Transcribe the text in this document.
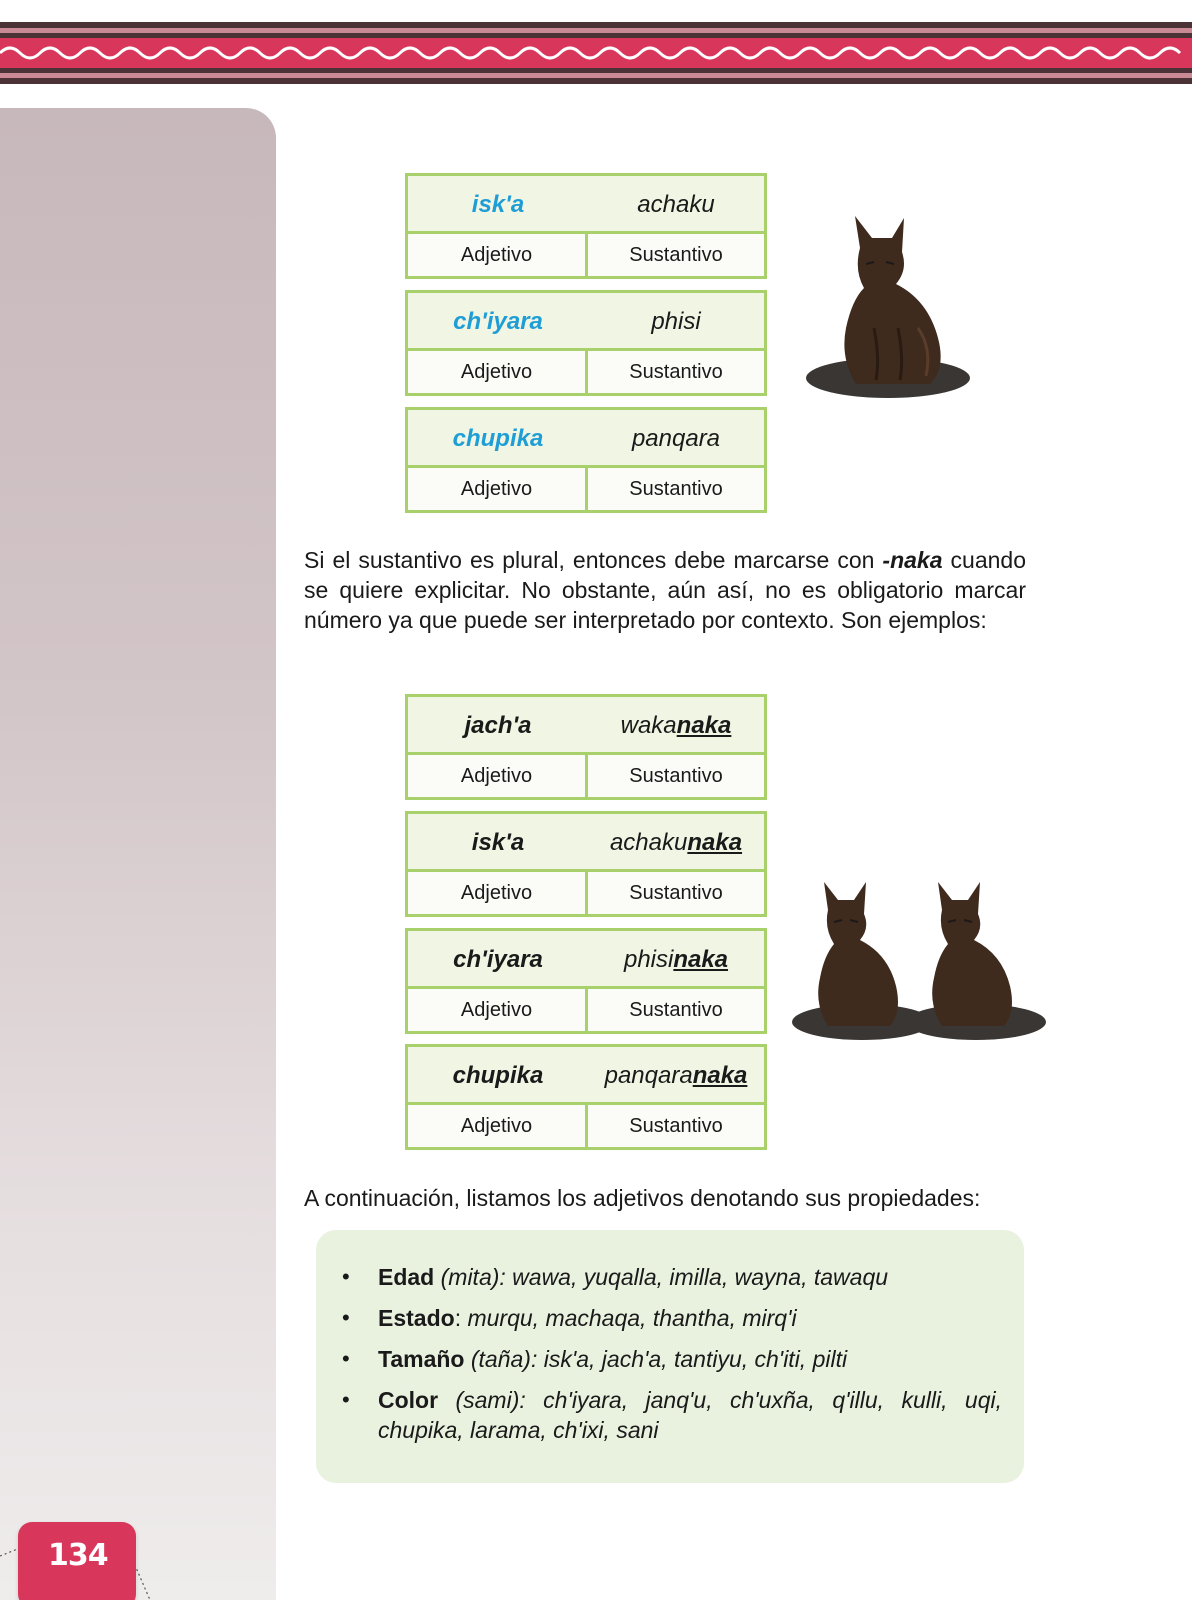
134
isk'a	achaku
Adjetivo	Sustantivo
ch'iyara	phisi
Adjetivo	Sustantivo
chupika	panqara
Adjetivo	Sustantivo

Si el sustantivo es plural, entonces debe marcarse con -naka cuando se quiere explicitar. No obstante, aún así, no es obligatorio marcar número ya que puede ser interpretado por contexto. Son ejemplos:

jach'a	wakanaka
Adjetivo	Sustantivo
isk'a	achakunaka
Adjetivo	Sustantivo
ch'iyara	phisinaka
Adjetivo	Sustantivo
chupika	panqaranaka
Adjetivo	Sustantivo

A continuación, listamos los adjetivos denotando sus propiedades:

• Edad (mita): wawa, yuqalla, imilla, wayna, tawaqu
• Estado: murqu, machaqa, thantha, mirq'i
• Tamaño (taña): isk'a, jach'a, tantiyu, ch'iti, pilti
• Color (sami): ch'iyara, janq'u, ch'uxña, q'illu, kulli, uqi, chupika, larama, ch'ixi, sani
